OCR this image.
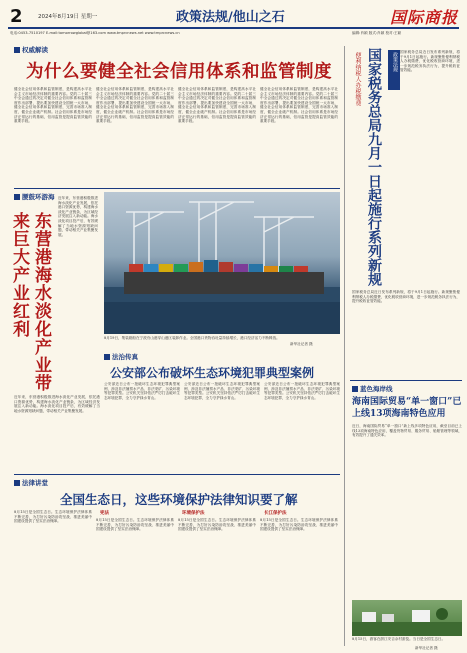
2	2024年8月19日 星期一	政策法规/他山之石	国际商报
电话:0453-7510197 E-mail:tomorrowglobal@163.com www.tmprcnews.net www.tmprcnews.cn	编辑:肖颖 版式:肖颖 校对:王颖
权威解读
为什么要健全社会信用体系和监管制度
健全社会信用体系和监管制度，是构建高水平社会主义市场经济体制的重要内容。党的二十届三中全会通过的决定对健全社会信用体系和监管制度作出部署，提出要加快建设全国统一大市场，健全社会信用体系和监管制度，完善市场准入制度，健全企业破产机制。社会信用体系是市场经济正常运行的基础，信用监管是提高监管效能的重要手段。
健全社会信用体系和监管制度，是构建高水平社会主义市场经济体制的重要内容。党的二十届三中全会通过的决定对健全社会信用体系和监管制度作出部署，提出要加快建设全国统一大市场，健全社会信用体系和监管制度，完善市场准入制度，健全企业破产机制。社会信用体系是市场经济正常运行的基础，信用监管是提高监管效能的重要手段。
健全社会信用体系和监管制度，是构建高水平社会主义市场经济体制的重要内容。党的二十届三中全会通过的决定对健全社会信用体系和监管制度作出部署，提出要加快建设全国统一大市场，健全社会信用体系和监管制度，完善市场准入制度，健全企业破产机制。社会信用体系是市场经济正常运行的基础，信用监管是提高监管效能的重要手段。
健全社会信用体系和监管制度，是构建高水平社会主义市场经济体制的重要内容。党的二十届三中全会通过的决定对健全社会信用体系和监管制度作出部署，提出要加快建设全国统一大市场，健全社会信用体系和监管制度，完善市场准入制度，健全企业破产机制。社会信用体系是市场经济正常运行的基础，信用监管是提高监管效能的重要手段。
腰鼓环游海
东营港海水淡化产业带来巨大产业红利
近年来，东营港积极推进海水淡化产业发展，依托港口资源优势，构建海水淡化产业链条，为区域经济发展注入新动能。海水淡化项目投产后，有效缓解了当地水资源短缺问题，带动相关产业集聚发展。
近年来，东营港积极推进海水淡化产业发展，依托港口资源优势，构建海水淡化产业链条，为区域经济发展注入新动能。海水淡化项目投产后，有效缓解了当地水资源短缺问题，带动相关产业集聚发展。
8月19日，集装箱船在宁波舟山港穿山港区装卸作业。全国港口货物吞吐量持续增长，港口经济活力不断释放。
新华社记者 摄
法治传真
公安部公布破坏生态环境犯罪典型案例
公安部近日公布一批破坏生态环境犯罪典型案例，涉及非法捕捞水产品、非法采矿、污染环境等犯罪类型。公安机关坚持依法严厉打击破坏生态环境犯罪，全力守护绿水青山。
公安部近日公布一批破坏生态环境犯罪典型案例，涉及非法捕捞水产品、非法采矿、污染环境等犯罪类型。公安机关坚持依法严厉打击破坏生态环境犯罪，全力守护绿水青山。
公安部近日公布一批破坏生态环境犯罪典型案例，涉及非法捕捞水产品、非法采矿、污染环境等犯罪类型。公安机关坚持依法严厉打击破坏生态环境犯罪，全力守护绿水青山。
法律讲堂
全国生态日，这些环境保护法律知识要了解
8月15日是全国生态日。生态环境保护法律体系不断完善，为打好污染防治攻坚战、推进美丽中国建设提供了坚实法治保障。
宪法
8月15日是全国生态日。生态环境保护法律体系不断完善，为打好污染防治攻坚战、推进美丽中国建设提供了坚实法治保障。
环境保护法
8月15日是全国生态日。生态环境保护法律体系不断完善，为打好污染防治攻坚战、推进美丽中国建设提供了坚实法治保障。
长江保护法
8月15日是全国生态日。生态环境保护法律体系不断完善，为打好污染防治攻坚战、推进美丽中国建设提供了坚实法治保障。
便利纳税人办税缴费 国家税务总局九月一日起施行系列新规	政策法规 国家税务总局近日发布系列新规，将于9月1日起施行。新规聚焦便利纳税人办税缴费，优化税收营商环境，进一步规范税务执法行为，提升税收征管效能。
国家税务总局近日发布系列新规，将于9月1日起施行。新规聚焦便利纳税人办税缴费，优化税收营商环境，进一步规范税务执法行为，提升税收征管效能。
蓝色海岸线
海南国际贸易“单一窗口”已上线13项海南特色应用
近日，海南国际贸易“单一窗口”新上线多项特色应用，截至目前已上线13项海南特色应用，覆盖货物贸易、服务贸易、船舶管理等领域，有效提升了通关效率。
8月15日，游客在浙江安吉余村游览。当日是全国生态日。
新华社记者 摄
